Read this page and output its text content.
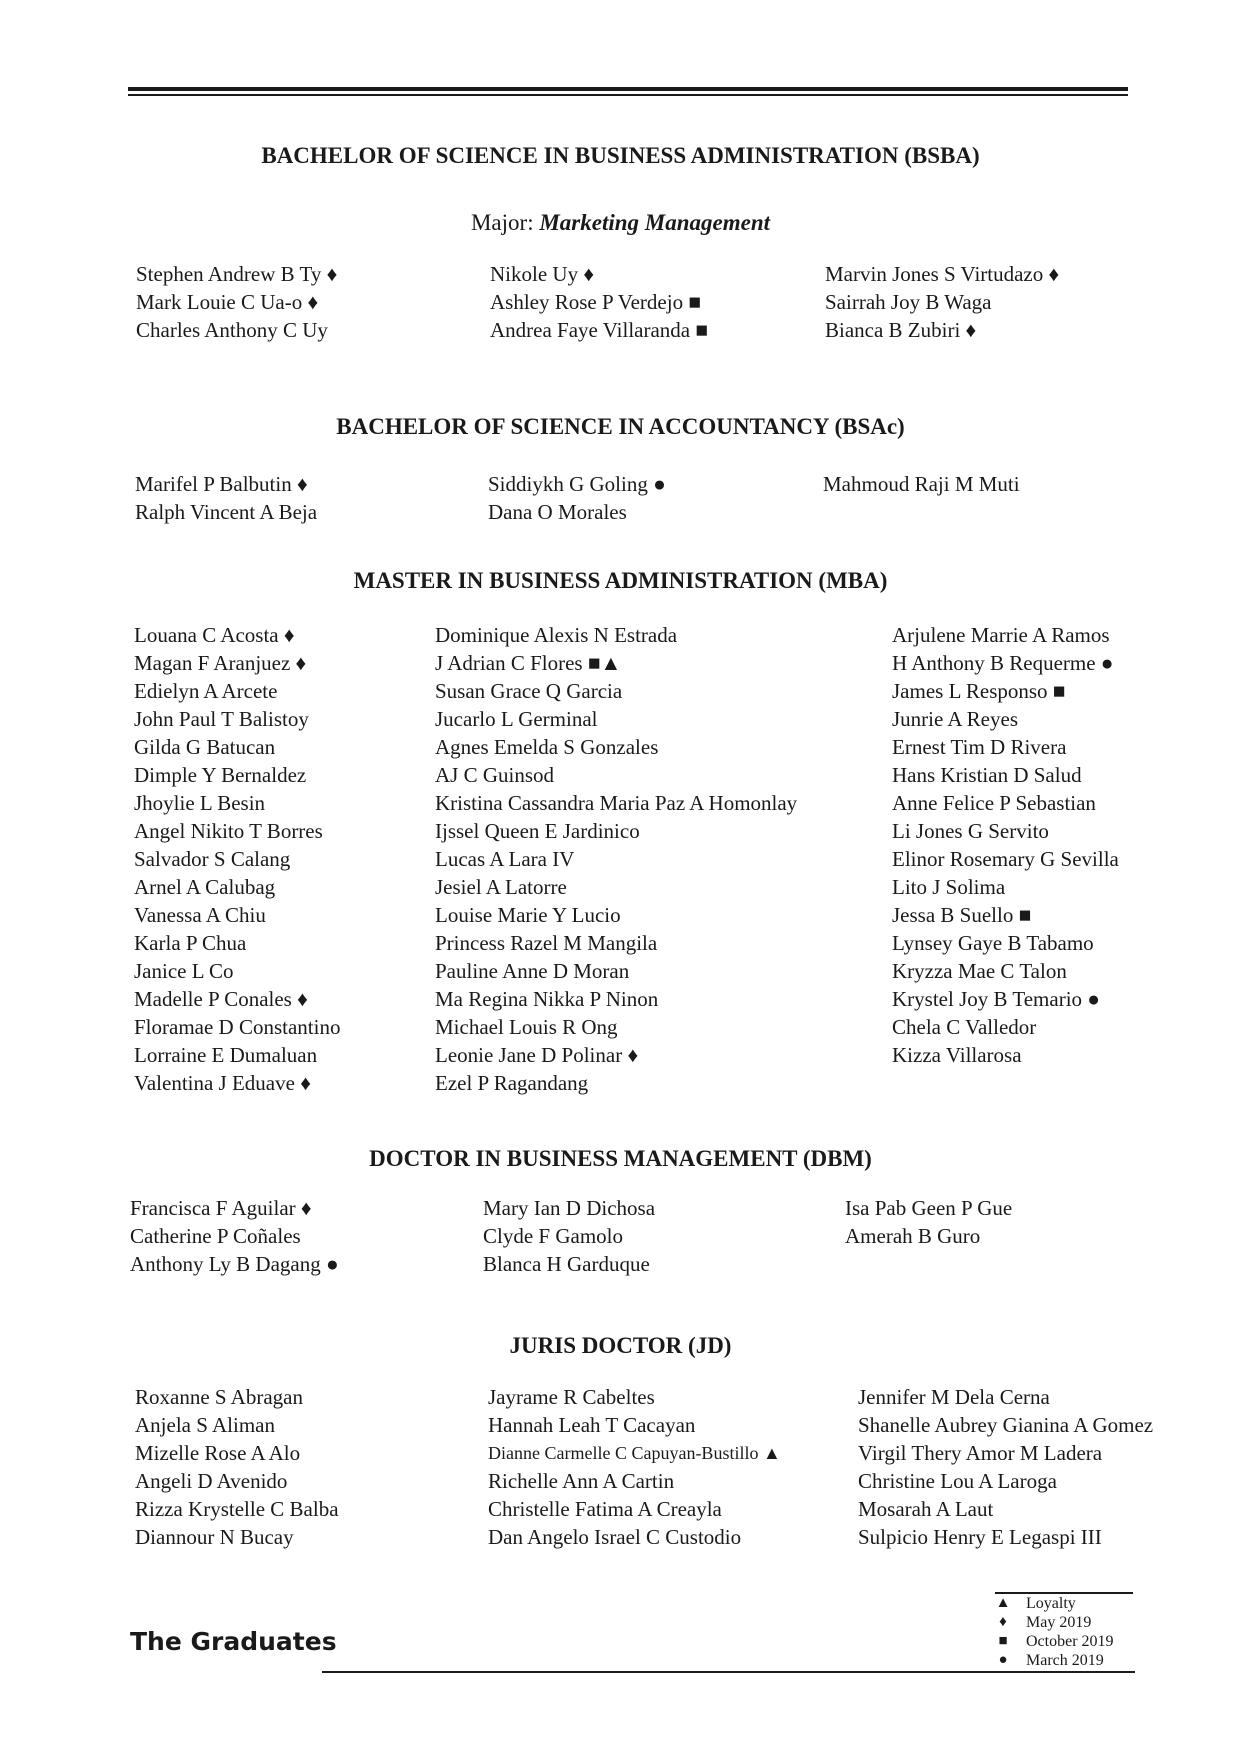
BACHELOR OF SCIENCE IN BUSINESS ADMINISTRATION (BSBA)
Major: Marketing Management
Stephen Andrew B Ty ♦
Mark Louie C Ua-o ♦
Charles Anthony C Uy
Nikole Uy ♦
Ashley Rose P Verdejo ■
Andrea Faye Villaranda ■
Marvin Jones S Virtudazo ♦
Sairrah Joy B Waga
Bianca B Zubiri ♦
BACHELOR OF SCIENCE IN ACCOUNTANCY (BSAc)
Marifel P Balbutin ♦
Ralph Vincent A Beja
Siddiykh G Goling ●
Dana O Morales
Mahmoud Raji M Muti
MASTER IN BUSINESS ADMINISTRATION (MBA)
Louana C Acosta ♦
Magan F Aranjuez ♦
Edielyn A Arcete
John Paul T Balistoy
Gilda G Batucan
Dimple Y Bernaldez
Jhoylie L Besin
Angel Nikito T Borres
Salvador S Calang
Arnel A Calubag
Vanessa A Chiu
Karla P Chua
Janice L Co
Madelle P Conales ♦
Floramae D Constantino
Lorraine E Dumaluan
Valentina J Eduave ♦
Dominique Alexis N Estrada
J Adrian C Flores ■▲
Susan Grace Q Garcia
Jucarlo L Germinal
Agnes Emelda S Gonzales
AJ C Guinsod
Kristina Cassandra Maria Paz A Homonlay
Ijssel Queen E Jardinico
Lucas A Lara IV
Jesiel A Latorre
Louise Marie Y Lucio
Princess Razel M Mangila
Pauline Anne D Moran
Ma Regina Nikka P Ninon
Michael Louis R Ong
Leonie Jane D Polinar ♦
Ezel P Ragandang
Arjulene Marrie A Ramos
H Anthony B Requerme ●
James L Responso ■
Junrie A Reyes
Ernest Tim D Rivera
Hans Kristian D Salud
Anne Felice P Sebastian
Li Jones G Servito
Elinor Rosemary G Sevilla
Lito J Solima
Jessa B Suello ■
Lynsey Gaye B Tabamo
Kryzza Mae C Talon
Krystel Joy B Temario ●
Chela C Valledor
Kizza Villarosa
DOCTOR IN BUSINESS MANAGEMENT (DBM)
Francisca F Aguilar ♦
Catherine P Coñales
Anthony Ly B Dagang ●
Mary Ian D Dichosa
Clyde F Gamolo
Blanca H Garduque
Isa Pab Geen P Gue
Amerah B Guro
JURIS DOCTOR (JD)
Roxanne S Abragan
Anjela S Aliman
Mizelle Rose A Alo
Angeli D Avenido
Rizza Krystelle C Balba
Diannour N Bucay
Jayrame R Cabeltes
Hannah Leah T Cacayan
Dianne Carmelle C Capuyan-Bustillo ▲
Richelle Ann A Cartin
Christelle Fatima A Creayla
Dan Angelo Israel C Custodio
Jennifer M Dela Cerna
Shanelle Aubrey Gianina A Gomez
Virgil Thery Amor M Ladera
Christine Lou A Laroga
Mosarah A Laut
Sulpicio Henry E Legaspi III
▲ Loyalty
♦	May 2019
■	October 2019
●	March 2019
The Graduates
